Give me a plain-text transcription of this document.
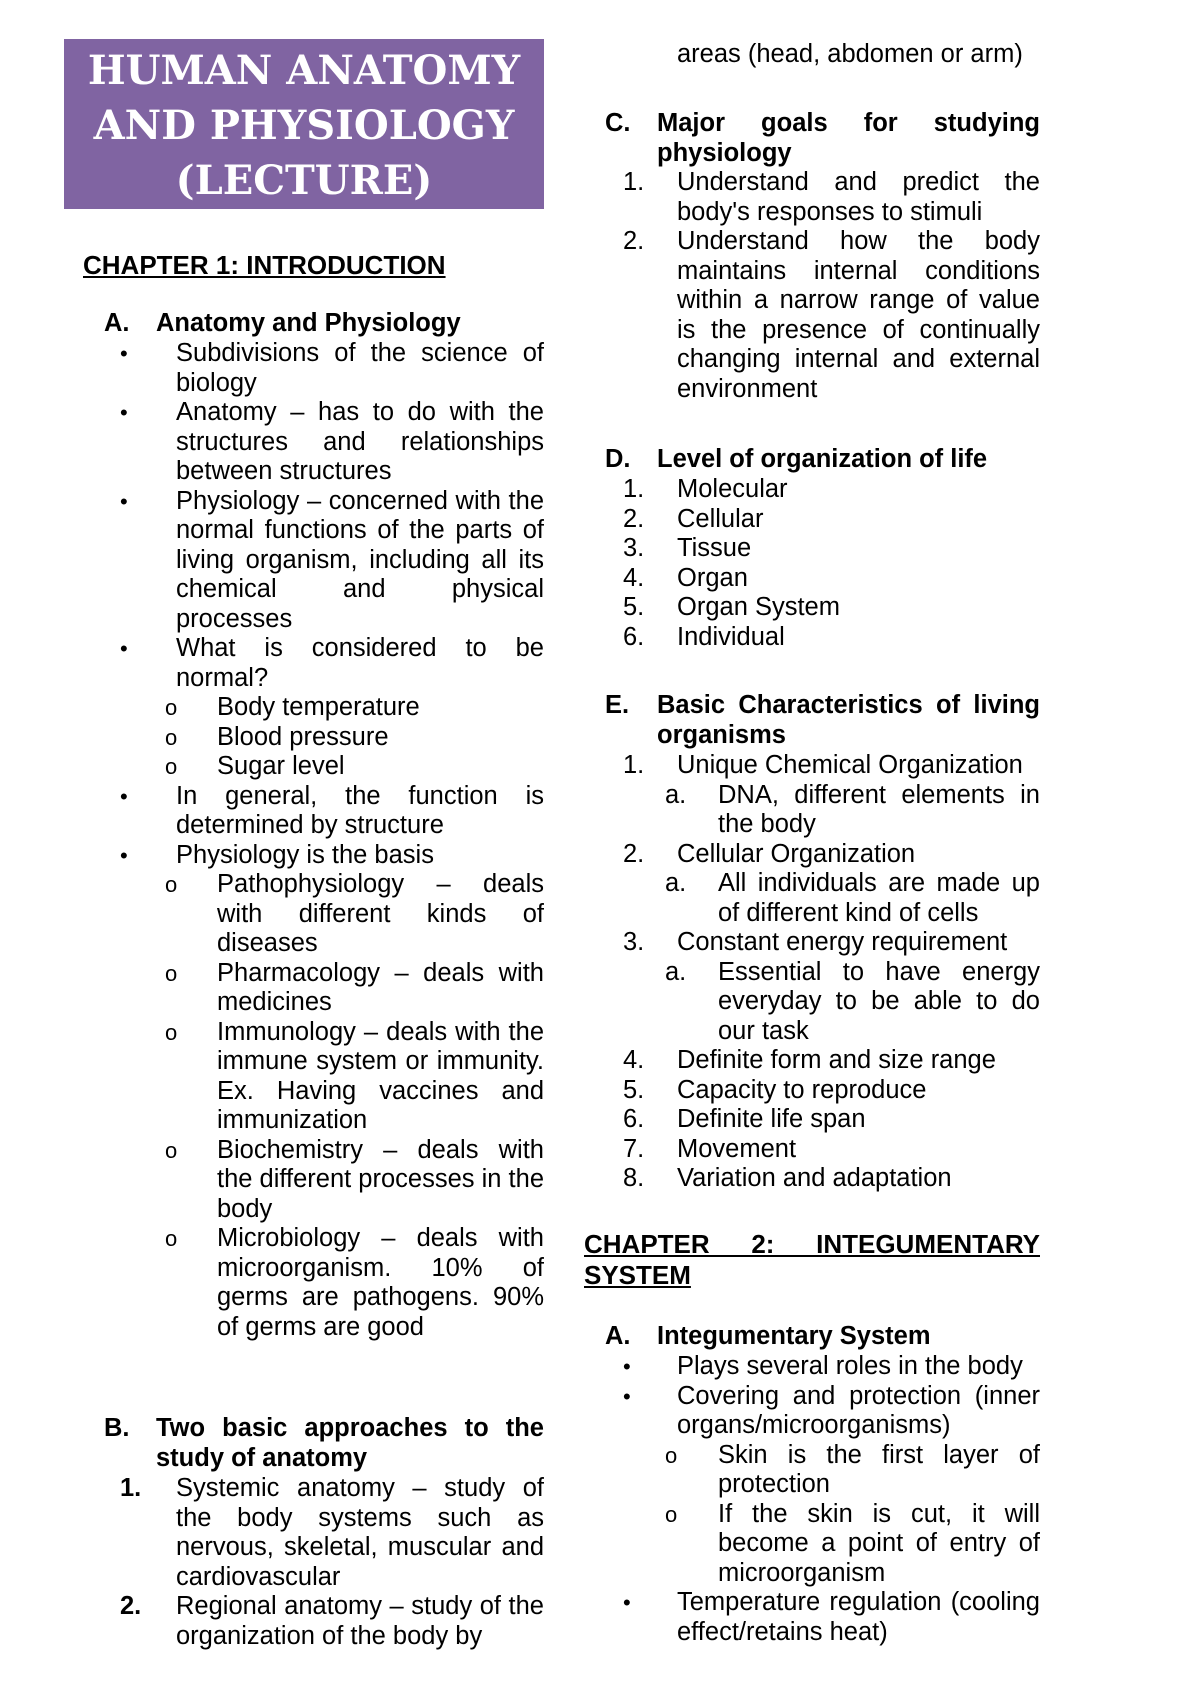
HUMAN ANATOMY
AND PHYSIOLOGY
(LECTURE)
CHAPTER 1: INTRODUCTION
A.	Anatomy and Physiology
•	Subdivisions of the science of biology
•	Anatomy – has to do with the structures and relationships between structures
•	Physiology – concerned with the normal functions of the parts of living organism, including all its chemical and physical processes
•	What is considered to be normal?
o	Body temperature
o	Blood pressure
o	Sugar level
•	In general, the function is determined by structure
•	Physiology is the basis
o	Pathophysiology – deals with different kinds of diseases
o	Pharmacology – deals with medicines
o	Immunology – deals with the immune system or immunity. Ex. Having vaccines and immunization
o	Biochemistry – deals with the different processes in the body
o	Microbiology – deals with microorganism. 10% of germs are pathogens. 90% of germs are good
B.	Two basic approaches to the study of anatomy
1.	Systemic anatomy – study of the body systems such as nervous, skeletal, muscular and cardiovascular
2.	Regional anatomy – study of the organization of the body by
areas (head, abdomen or arm)
C.	Major goals for studying physiology
1.	Understand and predict the body's responses to stimuli
2.	Understand how the body maintains internal conditions within a narrow range of value is the presence of continually changing internal and external environment
D.	Level of organization of life
1.	Molecular
2.	Cellular
3.	Tissue
4.	Organ
5.	Organ System
6.	Individual
E.	Basic Characteristics of living organisms
1.	Unique Chemical Organization
a.	DNA, different elements in the body
2.	Cellular Organization
a.	All individuals are made up of different kind of cells
3.	Constant energy requirement
a.	Essential to have energy everyday to be able to do our task
4.	Definite form and size range
5.	Capacity to reproduce
6.	Definite life span
7.	Movement
8.	Variation and adaptation
CHAPTER 2: INTEGUMENTARY SYSTEM
A.	Integumentary System
•	Plays several roles in the body
•	Covering and protection (inner organs/microorganisms)
o	Skin is the first layer of protection
o	If the skin is cut, it will become a point of entry of microorganism
•	Temperature regulation (cooling effect/retains heat)
